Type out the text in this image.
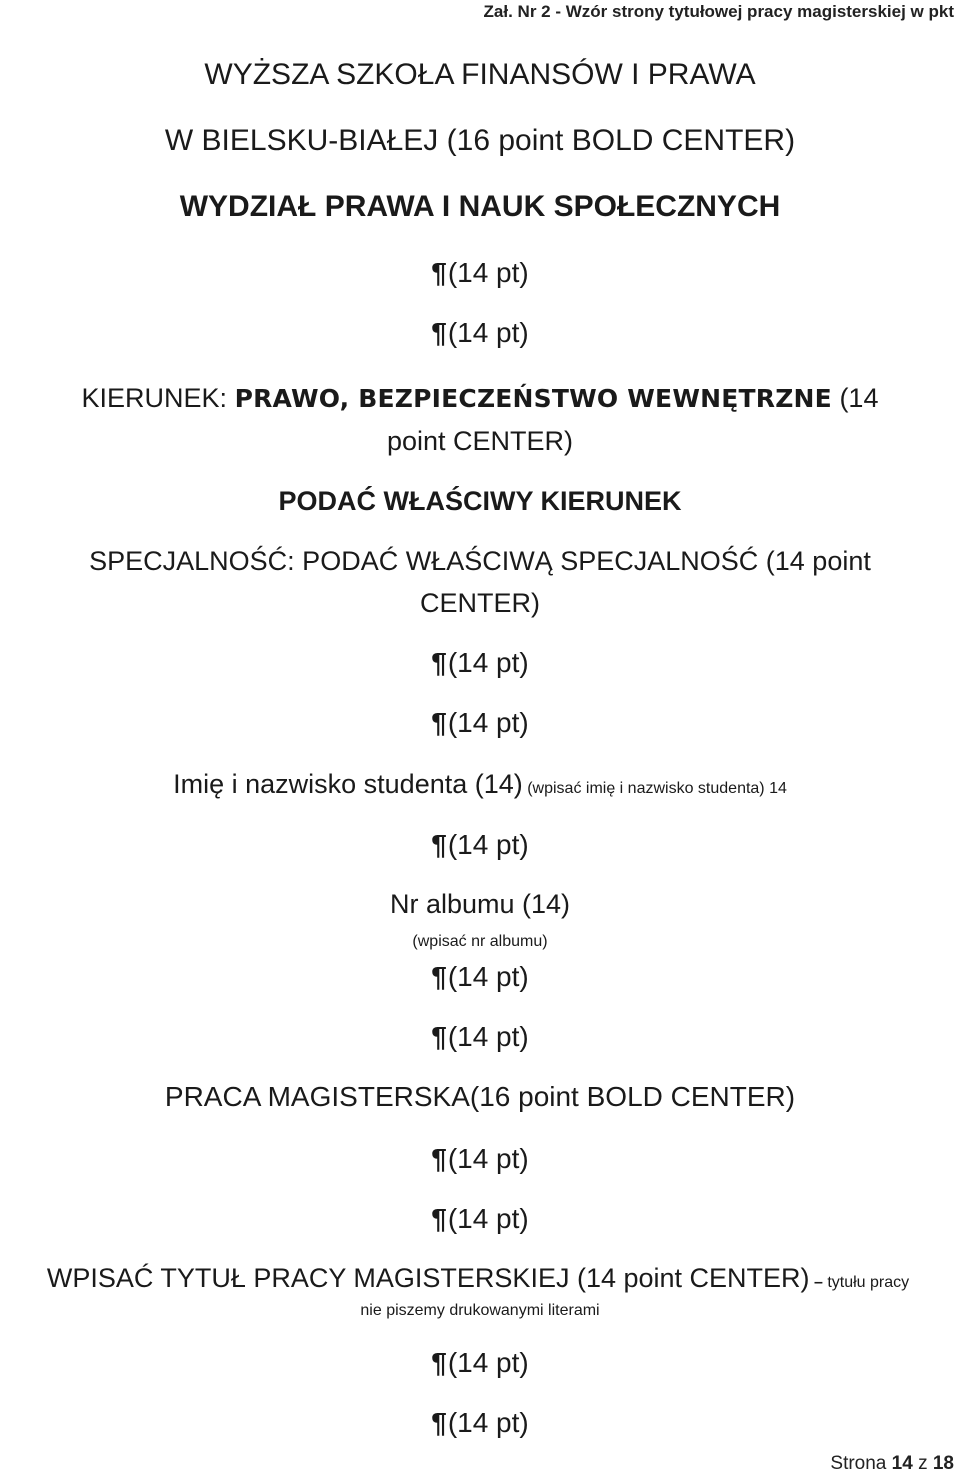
Zał. Nr 2 - Wzór strony tytułowej pracy magisterskiej w pkt
WYŻSZA SZKOŁA FINANSÓW I PRAWA
W BIELSKU-BIAŁEJ (16 point BOLD CENTER)
WYDZIAŁ PRAWA I NAUK SPOŁECZNYCH
¶(14 pt)
¶(14 pt)
KIERUNEK: PRAWO, BEZPIECZEŃSTWO WEWNĘTRZNE (14
point CENTER)
PODAĆ WŁAŚCIWY KIERUNEK
SPECJALNOŚĆ: PODAĆ WŁAŚCIWĄ SPECJALNOŚĆ (14 point
CENTER)
¶(14 pt)
¶(14 pt)
Imię i nazwisko studenta (14) (wpisać imię i nazwisko studenta) 14
¶(14 pt)
Nr albumu (14)
(wpisać nr albumu)
¶(14 pt)
¶(14 pt)
PRACA MAGISTERSKA(16 point BOLD CENTER)
¶(14 pt)
¶(14 pt)
WPISAĆ TYTUŁ PRACY MAGISTERSKIEJ (14 point CENTER) – tytułu pracy
nie piszemy drukowanymi literami
¶(14 pt)
¶(14 pt)
Strona 14 z 18
